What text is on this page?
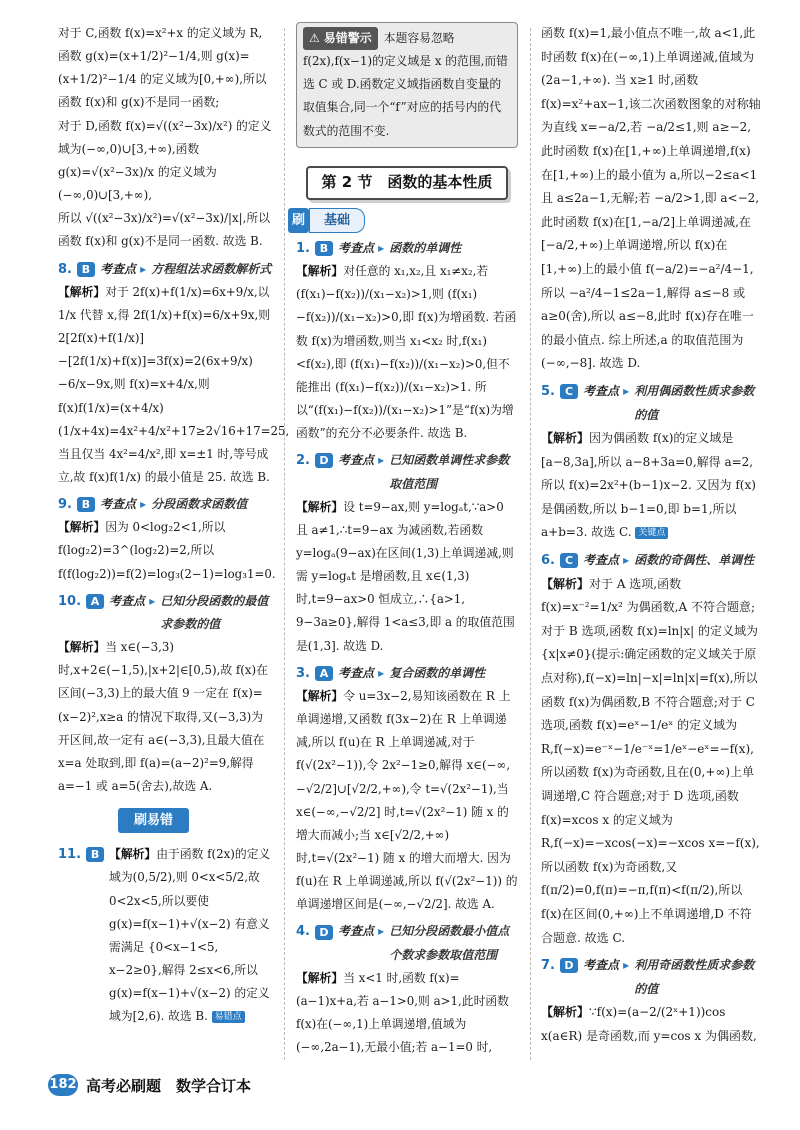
对于 C,函数 f(x)=x²+x 的定义域为 R,函数 g(x)=(x+1/2)²−1/4,则 g(x)=(x+1/2)²−1/4 的定义域为[0,+∞),所以函数 f(x)和 g(x)不是同一函数;

对于 D,函数 f(x)=√((x²−3x)/x²) 的定义域为(−∞,0)∪[3,+∞),函数 g(x)=√(x²−3x)/x 的定义域为(−∞,0)∪[3,+∞),

所以 √((x²−3x)/x²)=√(x²−3x)/|x|,所以函数 f(x)和 g(x)不是同一函数. 故选 B.

8. B 考查点 ▸	方程组法求函数解析式

【解析】对于 2f(x)+f(1/x)=6x+9/x,以 1/x 代替 x,得 2f(1/x)+f(x)=6/x+9x,则 2[2f(x)+f(1/x)]−[2f(1/x)+f(x)]=3f(x)=2(6x+9/x)−6/x−9x,则 f(x)=x+4/x,则 f(x)f(1/x)=(x+4/x)(1/x+4x)=4x²+4/x²+17≥2√16+17=25,当且仅当 4x²=4/x²,即 x=±1 时,等号成立,故 f(x)f(1/x) 的最小值是 25. 故选 B.

9. B 考查点 ▸	分段函数求函数值

【解析】因为 0<log₂2<1,所以 f(log₂2)=3^(log₂2)=2,所以 f(f(log₂2))=f(2)=log₃(2−1)=log₃1=0.

10. A 考查点 ▸	已知分段函数的最值求参数的值

【解析】当 x∈(−3,3)时,x+2∈(−1,5),|x+2|∈[0,5),故 f(x)在区间(−3,3)上的最大值 9 一定在 f(x)=(x−2)²,x≥a 的情况下取得,又(−3,3)为开区间,故一定有 a∈(−3,3),且最大值在 x=a 处取到,即 f(a)=(a−2)²=9,解得 a=−1 或 a=5(舍去),故选 A.

刷易错
11. B 【解析】由于函数 f(2x)的定义域为(0,5/2),则 0<x<5/2,故 0<2x<5,所以要使 g(x)=f(x−1)+√(x−2) 有意义需满足 {0<x−1<5, x−2≥0},解得 2≤x<6,所以 g(x)=f(x−1)+√(x−2) 的定义域为[2,6). 故选 B. 易错点
⚠ 易错警示 本题容易忽略 f(2x),f(x−1)的定义域是 x 的范围,而错选 C 或 D.函数定义域指函数自变量的取值集合,同一个“f”对应的括号内的代数式的范围不变.
第 2 节　函数的基本性质
刷	基础
1. B 考查点 ▸	函数的单调性

【解析】对任意的 x₁,x₂,且 x₁≠x₂,若 (f(x₁)−f(x₂))/(x₁−x₂)>1,则 (f(x₁)−f(x₂))/(x₁−x₂)>0,即 f(x)为增函数. 若函数 f(x)为增函数,则当 x₁<x₂ 时,f(x₁)<f(x₂),即 (f(x₁)−f(x₂))/(x₁−x₂)>0,但不能推出 (f(x₁)−f(x₂))/(x₁−x₂)>1. 所以“(f(x₁)−f(x₂))/(x₁−x₂)>1”是“f(x)为增函数”的充分不必要条件. 故选 B.

2. D 考查点 ▸	已知函数单调性求参数取值范围

【解析】设 t=9−ax,则 y=logₐt,∵a>0 且 a≠1,∴t=9−ax 为减函数,若函数 y=logₐ(9−ax)在区间(1,3)上单调递减,则需 y=logₐt 是增函数,且 x∈(1,3)时,t=9−ax>0 恒成立,∴{a>1, 9−3a≥0},解得 1<a≤3,即 a 的取值范围是(1,3]. 故选 D.

3. A 考查点 ▸	复合函数的单调性

【解析】令 u=3x−2,易知该函数在 R 上单调递增,又函数 f(3x−2)在 R 上单调递减,所以 f(u)在 R 上单调递减,对于 f(√(2x²−1)),令 2x²−1≥0,解得 x∈(−∞,−√2/2]∪[√2/2,+∞),令 t=√(2x²−1),当 x∈(−∞,−√2/2] 时,t=√(2x²−1) 随 x 的增大而减小;当 x∈[√2/2,+∞) 时,t=√(2x²−1) 随 x 的增大而增大. 因为 f(u)在 R 上单调递减,所以 f(√(2x²−1)) 的单调递增区间是(−∞,−√2/2]. 故选 A.

4. D 考查点 ▸	已知分段函数最小值点个数求参数取值范围

【解析】当 x<1 时,函数 f(x)=(a−1)x+a,若 a−1>0,则 a>1,此时函数 f(x)在(−∞,1)上单调递增,值域为(−∞,2a−1),无最小值;若 a−1=0 时,

函数 f(x)=1,最小值点不唯一,故 a<1,此时函数 f(x)在(−∞,1)上单调递减,值域为(2a−1,+∞). 当 x≥1 时,函数 f(x)=x²+ax−1,该二次函数图象的对称轴为直线 x=−a/2,若 −a/2≤1,则 a≥−2,此时函数 f(x)在[1,+∞)上单调递增,f(x)在[1,+∞)上的最小值为 a,所以−2≤a<1 且 a≤2a−1,无解;若 −a/2>1,即 a<−2,此时函数 f(x)在[1,−a/2]上单调递减,在[−a/2,+∞)上单调递增,所以 f(x)在[1,+∞)上的最小值 f(−a/2)=−a²/4−1,所以 −a²/4−1≤2a−1,解得 a≤−8 或 a≥0(舍),所以 a≤−8,此时 f(x)存在唯一的最小值点. 综上所述,a 的取值范围为(−∞,−8]. 故选 D.

5. C 考查点 ▸	利用偶函数性质求参数的值

【解析】因为偶函数 f(x)的定义域是[a−8,3a],所以 a−8+3a=0,解得 a=2,所以 f(x)=2x²+(b−1)x−2. 又因为 f(x)是偶函数,所以 b−1=0,即 b=1,所以 a+b=3. 故选 C. 关键点

6. C 考查点 ▸	函数的奇偶性、单调性

【解析】对于 A 选项,函数 f(x)=x⁻²=1/x² 为偶函数,A 不符合题意;对于 B 选项,函数 f(x)=ln|x| 的定义域为{x|x≠0}(提示:确定函数的定义域关于原点对称),f(−x)=ln|−x|=ln|x|=f(x),所以函数 f(x)为偶函数,B 不符合题意;对于 C 选项,函数 f(x)=eˣ−1/eˣ 的定义域为 R,f(−x)=e⁻ˣ−1/e⁻ˣ=1/eˣ−eˣ=−f(x),所以函数 f(x)为奇函数,且在(0,+∞)上单调递增,C 符合题意;对于 D 选项,函数 f(x)=xcos x 的定义域为 R,f(−x)=−xcos(−x)=−xcos x=−f(x),所以函数 f(x)为奇函数,又 f(π/2)=0,f(π)=−π,f(π)<f(π/2),所以 f(x)在区间(0,+∞)上不单调递增,D 不符合题意. 故选 C.

7. D 考查点 ▸	利用奇函数性质求参数的值

【解析】∵f(x)=(a−2/(2ˣ+1))cos x(a∈R) 是奇函数,而 y=cos x 为偶函数,

182 高考必刷题　数学合订本
